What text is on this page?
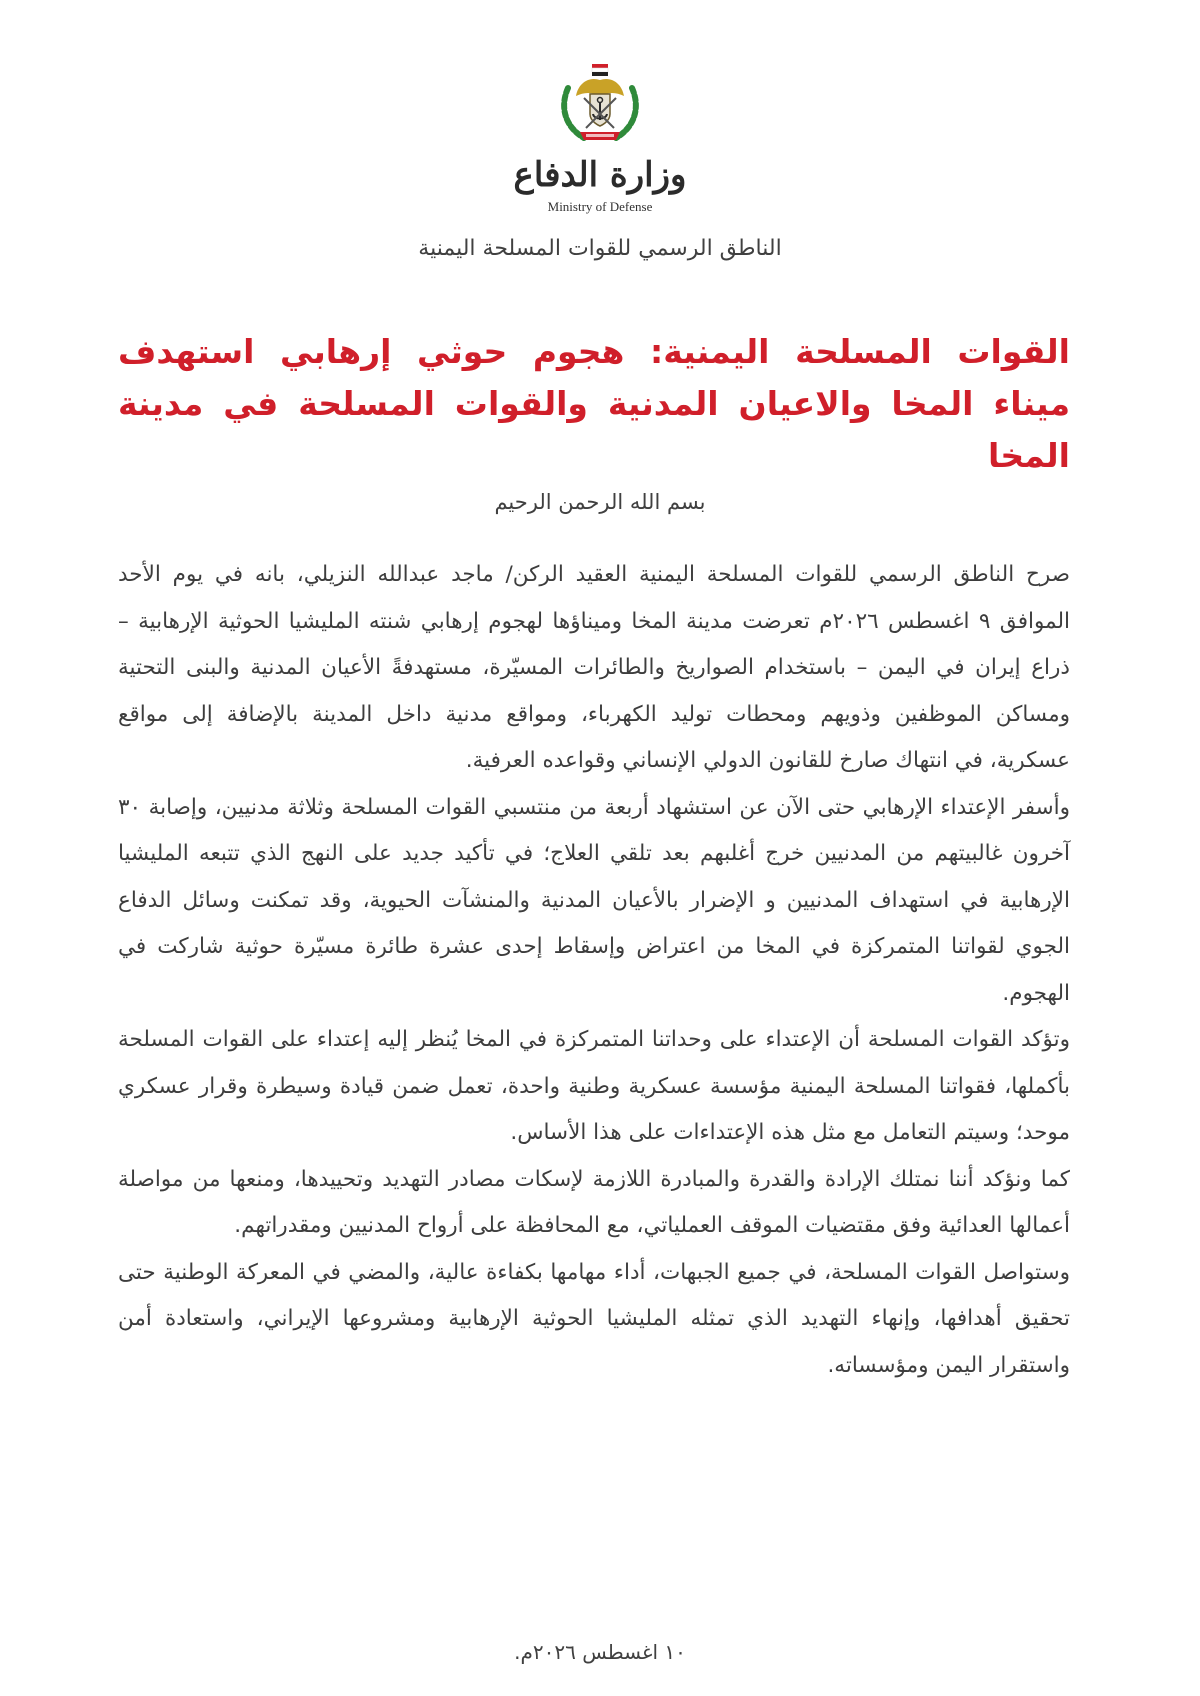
وزارة الدفاع
Ministry of Defense
الناطق الرسمي للقوات المسلحة اليمنية
القوات المسلحة اليمنية: هجوم حوثي إرهابي استهدف ميناء المخا والاعيان المدنية والقوات المسلحة في مدينة المخا
بسم الله الرحمن الرحيم

صرح الناطق الرسمي للقوات المسلحة اليمنية العقيد الركن/ ماجد عبدالله النزيلي، بانه في يوم الأحد الموافق ٩ اغسطس ٢٠٢٦م تعرضت مدينة المخا وميناؤها لهجوم إرهابي شنته المليشيا الحوثية الإرهابية – ذراع إيران في اليمن – باستخدام الصواريخ والطائرات المسيّرة، مستهدفةً الأعيان المدنية والبنى التحتية ومساكن الموظفين وذويهم ومحطات توليد الكهرباء، ومواقع مدنية داخل المدينة بالإضافة إلى مواقع عسكرية، في انتهاك صارخ للقانون الدولي الإنساني وقواعده العرفية.

وأسفر الإعتداء الإرهابي حتى الآن عن استشهاد أربعة من منتسبي القوات المسلحة وثلاثة مدنيين، وإصابة ٣٠ آخرون غالبيتهم من المدنيين خرج أغلبهم بعد تلقي العلاج؛ في تأكيد جديد على النهج الذي تتبعه المليشيا الإرهابية في استهداف المدنيين و الإضرار بالأعيان المدنية والمنشآت الحيوية، وقد تمكنت وسائل الدفاع الجوي لقواتنا المتمركزة في المخا من اعتراض وإسقاط إحدى عشرة طائرة مسيّرة حوثية شاركت في الهجوم.

وتؤكد القوات المسلحة أن الإعتداء على وحداتنا المتمركزة في المخا يُنظر إليه إعتداء على القوات المسلحة بأكملها، فقواتنا المسلحة اليمنية مؤسسة عسكرية وطنية واحدة، تعمل ضمن قيادة وسيطرة وقرار عسكري موحد؛ وسيتم التعامل مع مثل هذه الإعتداءات على هذا الأساس.

كما ونؤكد أننا نمتلك الإرادة والقدرة والمبادرة اللازمة لإسكات مصادر التهديد وتحييدها، ومنعها من مواصلة أعمالها العدائية وفق مقتضيات الموقف العملياتي، مع المحافظة على أرواح المدنيين ومقدراتهم.

وستواصل القوات المسلحة، في جميع الجبهات، أداء مهامها بكفاءة عالية، والمضي في المعركة الوطنية حتى تحقيق أهدافها، وإنهاء التهديد الذي تمثله المليشيا الحوثية الإرهابية ومشروعها الإيراني، واستعادة أمن واستقرار اليمن ومؤسساته.

١٠ اغسطس ٢٠٢٦م.
